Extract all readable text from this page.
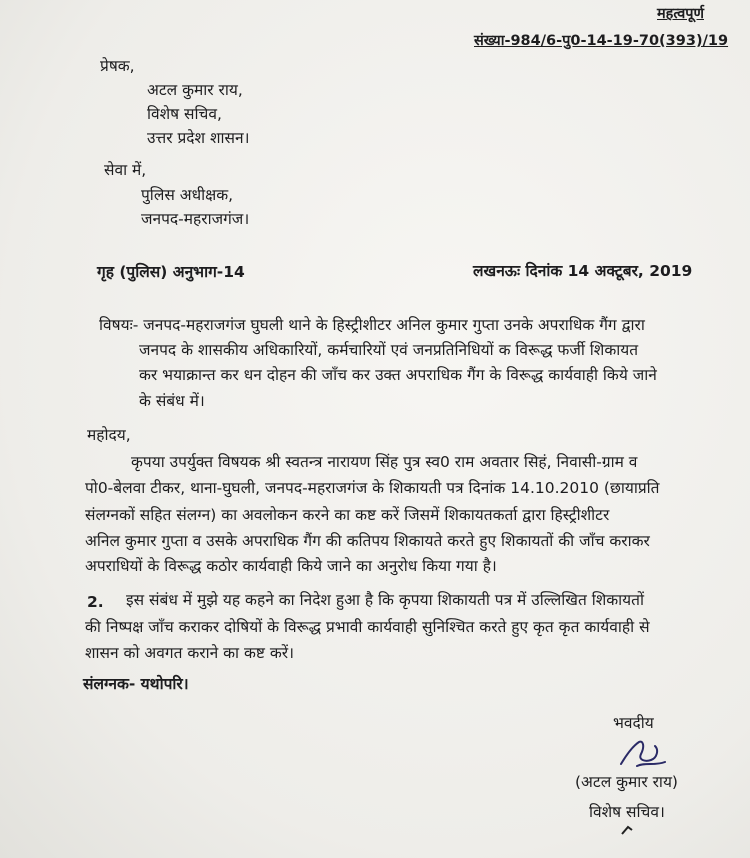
महत्वपूर्ण
संख्या-984/6-पु0-14-19-70(393)/19
प्रेषक,
अटल कुमार राय,
विशेष सचिव,
उत्तर प्रदेश शासन।
सेवा में,
पुलिस अधीक्षक,
जनपद-महराजगंज।
गृह (पुलिस) अनुभाग-14	लखनऊः दिनांक 14 अक्टूबर, 2019
विषयः- जनपद-महराजगंज घुघली थाने के हिस्ट्रीशीटर अनिल कुमार गुप्ता उनके अपराधिक गैंग द्वारा
जनपद के शासकीय अधिकारियों, कर्मचारियों एवं जनप्रतिनिधियों क विरूद्ध फर्जी शिकायत
कर भयाक्रान्त कर धन दोहन की जाँच कर उक्त अपराधिक गैंग के विरूद्ध कार्यवाही किये जाने
के संबंध में।
महोदय,
कृपया उपर्युक्त विषयक श्री स्वतन्त्र नारायण सिंह पुत्र स्व0 राम अवतार सिहं, निवासी-ग्राम व
पो0-बेलवा टीकर, थाना-घुघली, जनपद-महराजगंज के शिकायती पत्र दिनांक 14.10.2010 (छायाप्रति
संलग्नकों सहित संलग्न) का अवलोकन करने का कष्ट करें जिसमें शिकायतकर्ता द्वारा हिस्ट्रीशीटर
अनिल कुमार गुप्ता व उसके अपराधिक गैंग की कतिपय शिकायते करते हुए शिकायतों की जाँच कराकर
अपराधियों के विरूद्ध कठोर कार्यवाही किये जाने का अनुरोध किया गया है।
2. इस संबंध में मुझे यह कहने का निदेश हुआ है कि कृपया शिकायती पत्र में उल्लिखित शिकायतों
की निष्पक्ष जाँच कराकर दोषियों के विरूद्ध प्रभावी कार्यवाही सुनिश्चित करते हुए कृत कृत कार्यवाही से
शासन को अवगत कराने का कष्ट करें।
संलग्नक- यथोपरि।
भवदीय
(अटल कुमार राय)
विशेष सचिव।
